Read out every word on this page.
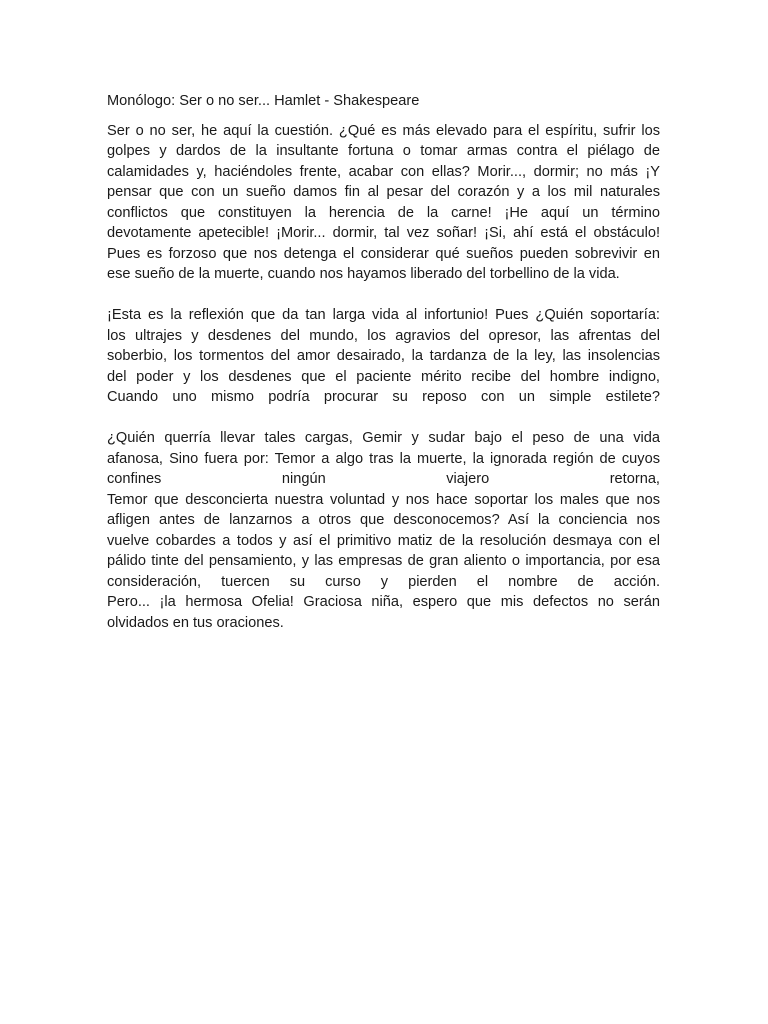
Monólogo: Ser o no ser... Hamlet - Shakespeare
Ser o no ser, he aquí la cuestión. ¿Qué es más elevado para el espíritu, sufrir los
golpes y dardos de la insultante fortuna o tomar armas contra el piélago de
calamidades y, haciéndoles frente, acabar con ellas? Morir..., dormir; no más ¡Y
pensar que con un sueño damos fin al pesar del corazón y a los mil naturales
conflictos que constituyen la herencia de la carne! ¡He aquí un término
devotamente apetecible! ¡Morir... dormir, tal vez soñar! ¡Si, ahí está el obstáculo!
Pues es forzoso que nos detenga el considerar qué sueños pueden sobrevivir en
ese sueño de la muerte, cuando nos hayamos liberado del torbellino de la vida.
¡Esta es la reflexión que da tan larga vida al infortunio! Pues ¿Quién soportaría:
los ultrajes y desdenes del mundo, los agravios del opresor, las afrentas del
soberbio, los tormentos del amor desairado, la tardanza de la ley, las insolencias
del poder y los desdenes que el paciente mérito recibe del hombre indigno,
Cuando uno mismo podría procurar su reposo con un simple estilete?
¿Quién querría llevar tales cargas, Gemir y sudar bajo el peso de una vida
afanosa, Sino fuera por: Temor a algo tras la muerte, la ignorada región de cuyos
confines ningún viajero retorna,
Temor que desconcierta nuestra voluntad y nos hace soportar los males que nos
afligen antes de lanzarnos a otros que desconocemos? Así la conciencia nos
vuelve cobardes a todos y así el primitivo matiz de la resolución desmaya con el
pálido tinte del pensamiento, y las empresas de gran aliento o importancia, por esa
consideración, tuercen su curso y pierden el nombre de acción.
Pero... ¡la hermosa Ofelia! Graciosa niña, espero que mis defectos no serán
olvidados en tus oraciones.
